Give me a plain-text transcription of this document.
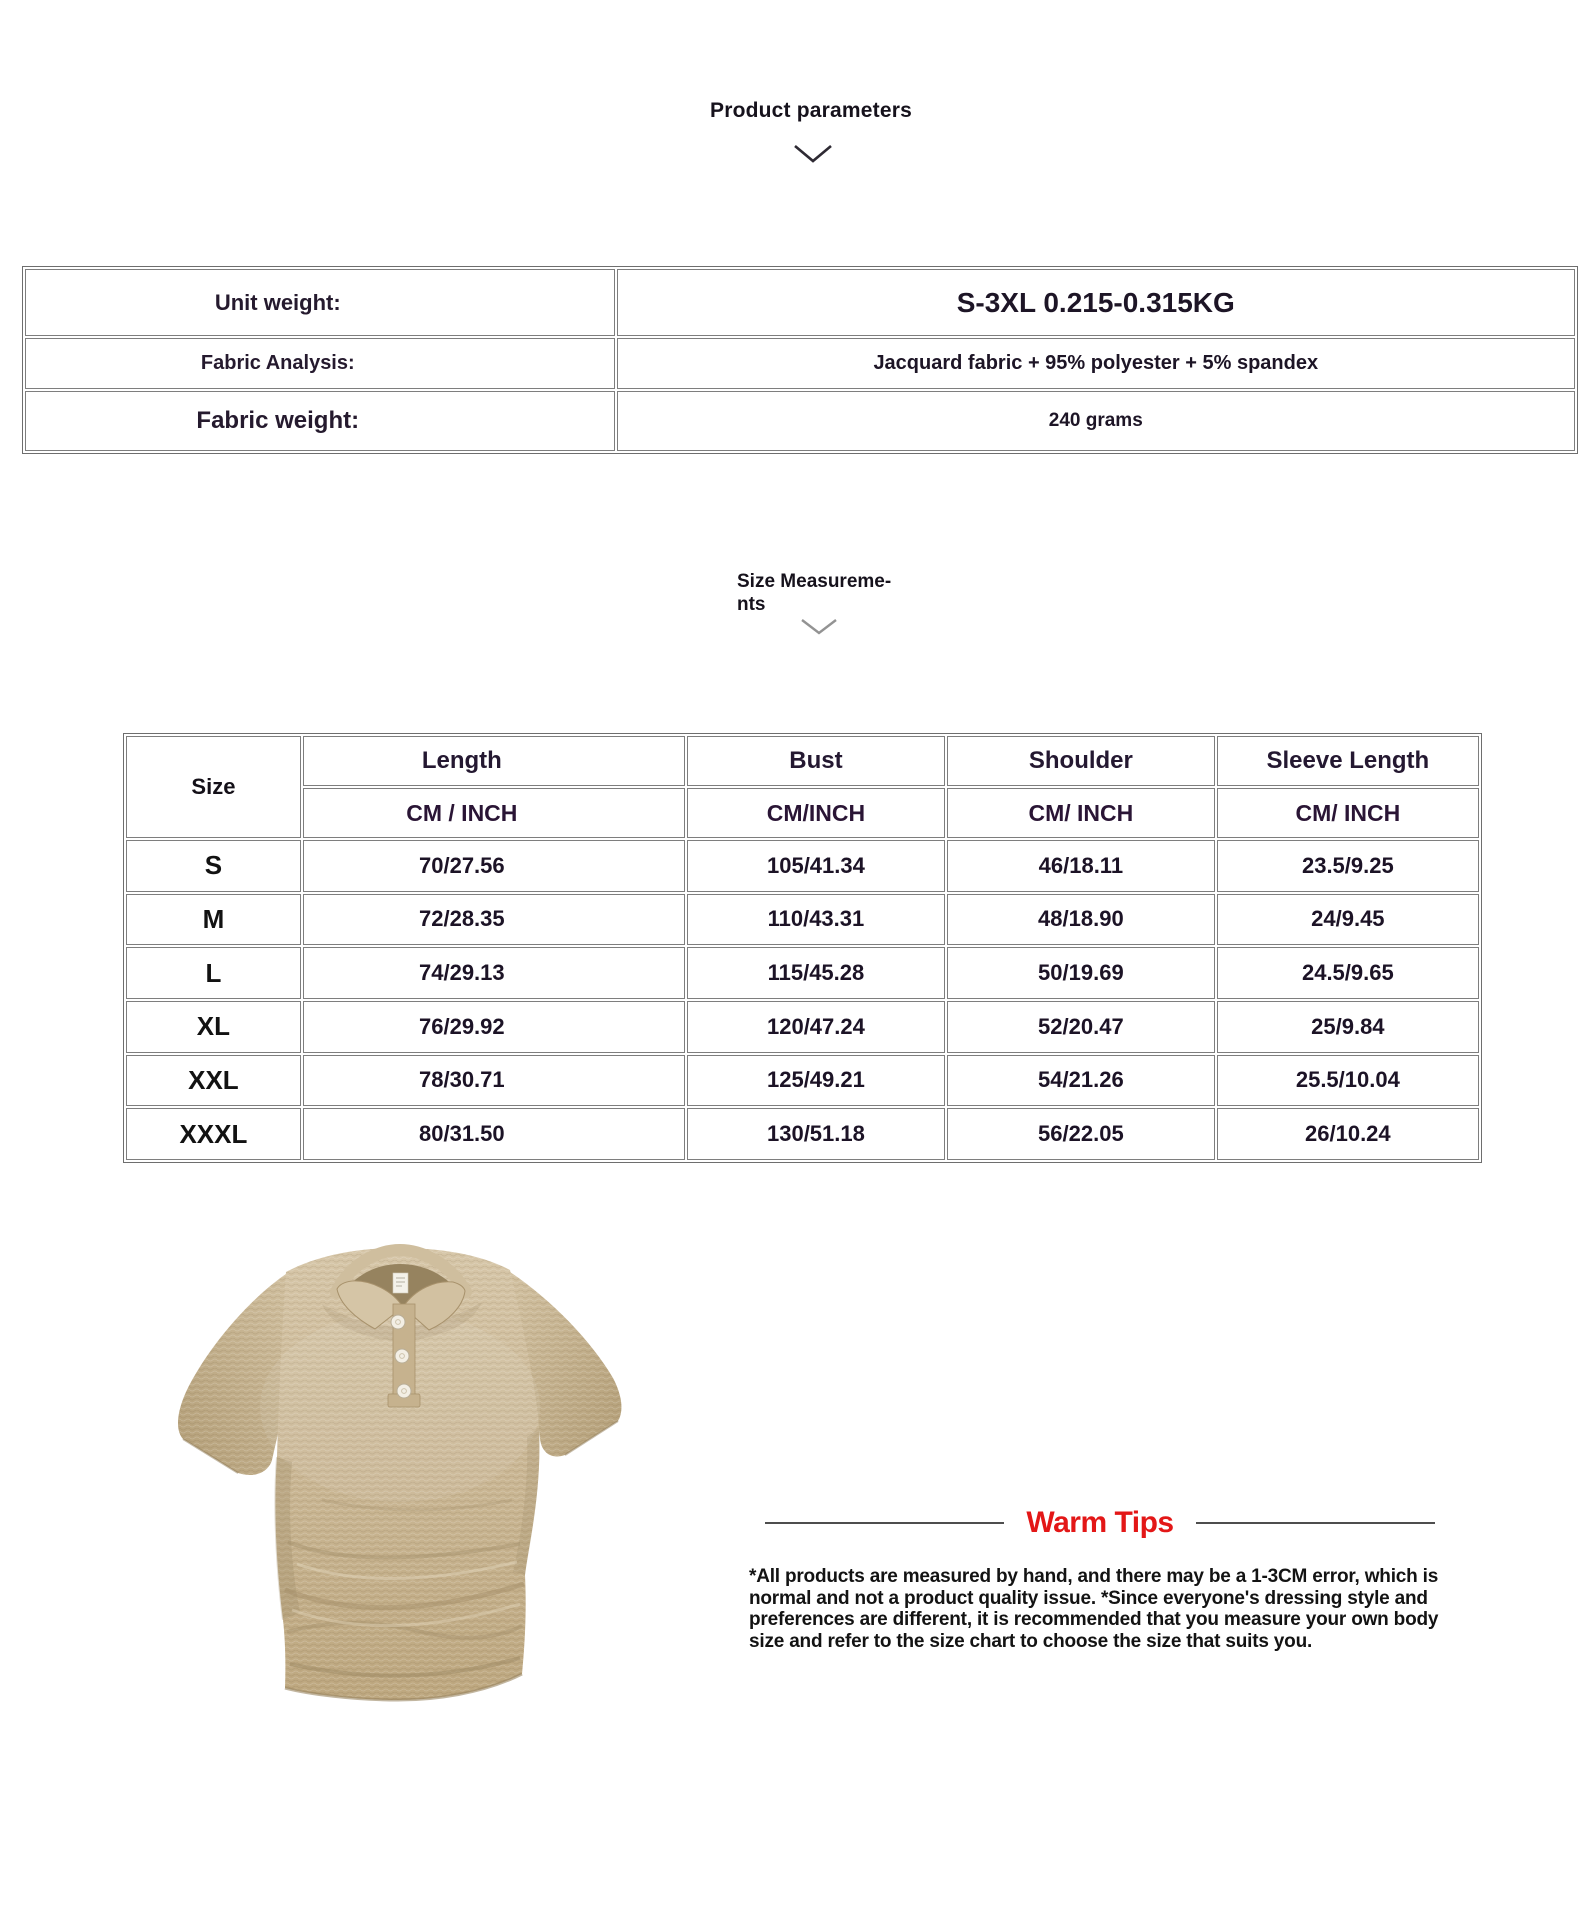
Product parameters
Unit weight:	S-3XL 0.215-0.315KG
Fabric Analysis:	Jacquard fabric + 95% polyester + 5% spandex
Fabric weight:	240 grams
Size Measureme-
nts
Size	Length	Bust	Shoulder	Sleeve Length
	CM / INCH	CM/INCH	CM/ INCH	CM/ INCH
S	70/27.56	105/41.34	46/18.11	23.5/9.25
M	72/28.35	110/43.31	48/18.90	24/9.45
L	74/29.13	115/45.28	50/19.69	24.5/9.65
XL	76/29.92	120/47.24	52/20.47	25/9.84
XXL	78/30.71	125/49.21	54/21.26	25.5/10.04
XXXL	80/31.50	130/51.18	56/22.05	26/10.24
Warm Tips
*All products are measured by hand, and there may be a 1-3CM error, which is normal and not a product quality issue. *Since everyone's dressing style and preferences are different, it is recommended that you measure your own body size and refer to the size chart to choose the size that suits you.
